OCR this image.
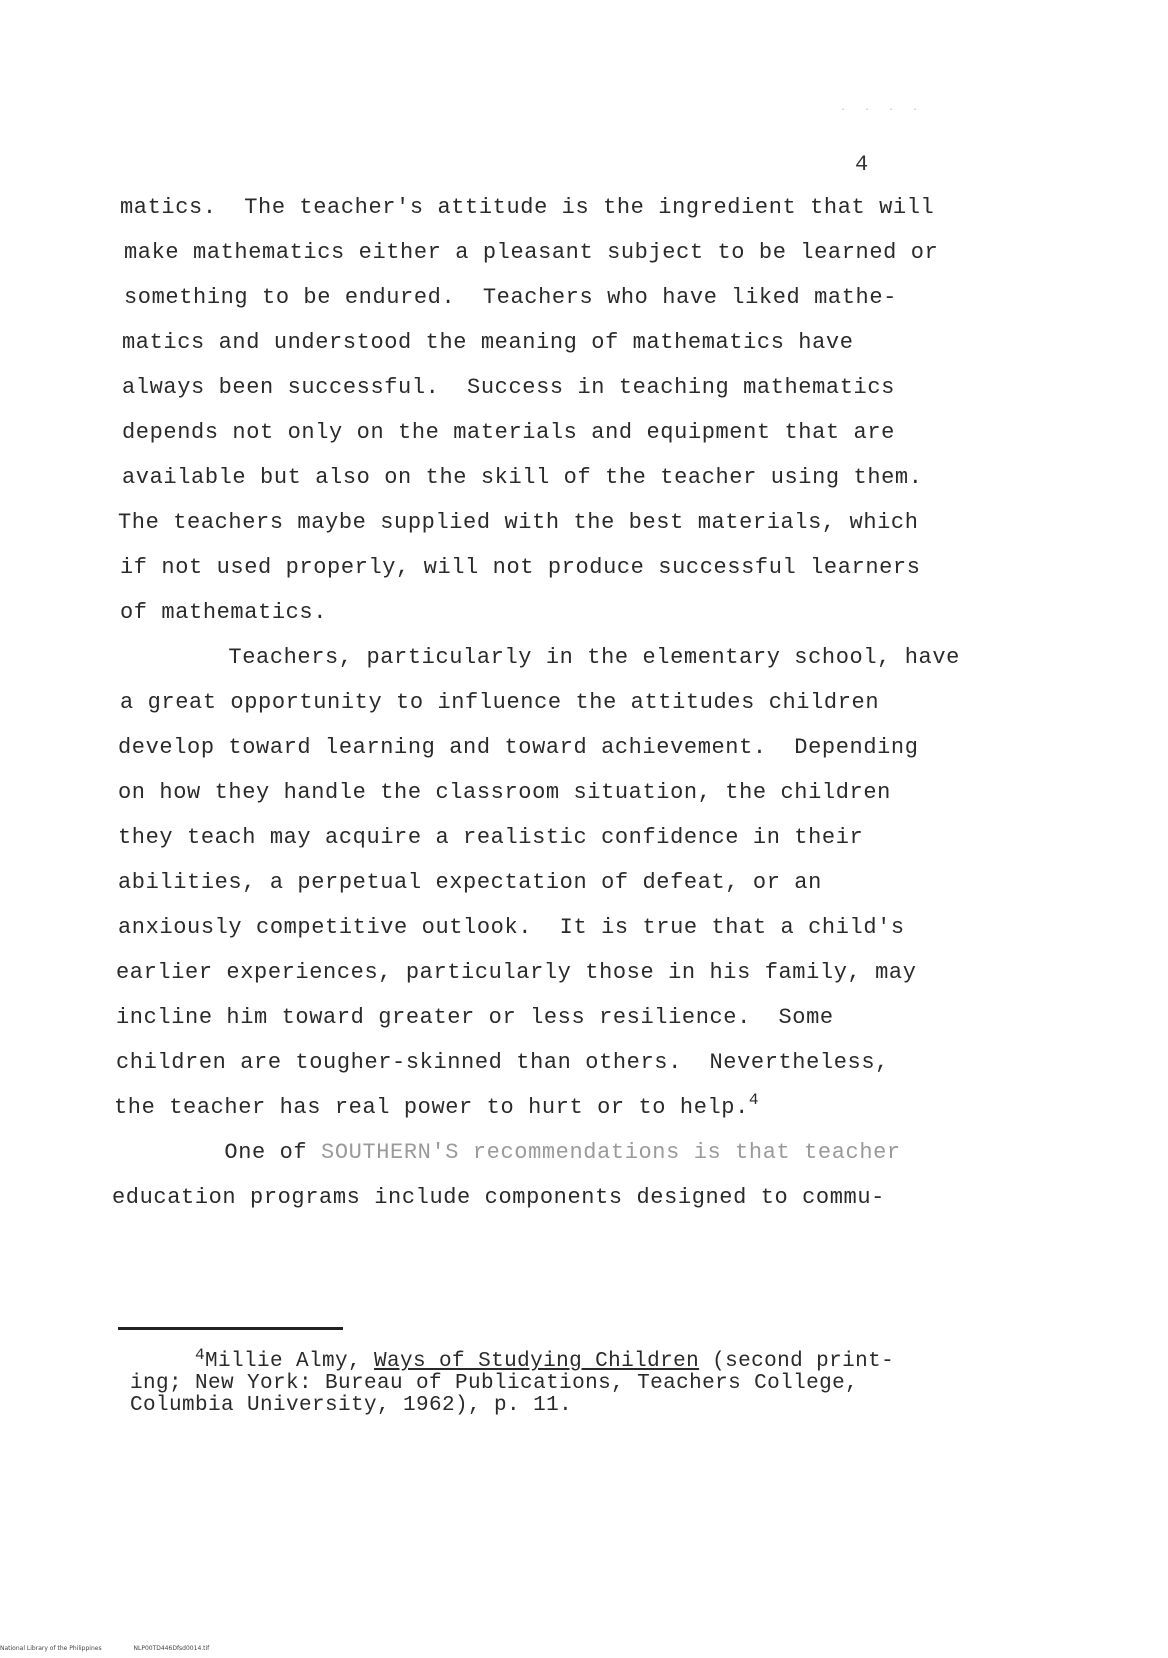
· · · ·
4
matics.  The teacher's attitude is the ingredient that will
make mathematics either a pleasant subject to be learned or
something to be endured.  Teachers who have liked mathe-
matics and understood the meaning of mathematics have
always been successful.  Success in teaching mathematics
depends not only on the materials and equipment that are
available but also on the skill of the teacher using them.
The teachers maybe supplied with the best materials, which
if not used properly, will not produce successful learners
of mathematics.
Teachers, particularly in the elementary school, have
a great opportunity to influence the attitudes children
develop toward learning and toward achievement.  Depending
on how they handle the classroom situation, the children
they teach may acquire a realistic confidence in their
abilities, a perpetual expectation of defeat, or an
anxiously competitive outlook.  It is true that a child's
earlier experiences, particularly those in his family, may
incline him toward greater or less resilience.  Some
children are tougher-skinned than others.  Nevertheless,
the teacher has real power to hurt or to help.$^4$
One of SOUTHERN'S recommendations is that teacher
education programs include components designed to commu-
$^4$Millie Almy, Ways of Studying Children (second print-
ing; New York: Bureau of Publications, Teachers College,
Columbia University, 1962), p. 11.
National Library of the Philippines	NLP00TD446Dfsd0014.tif
